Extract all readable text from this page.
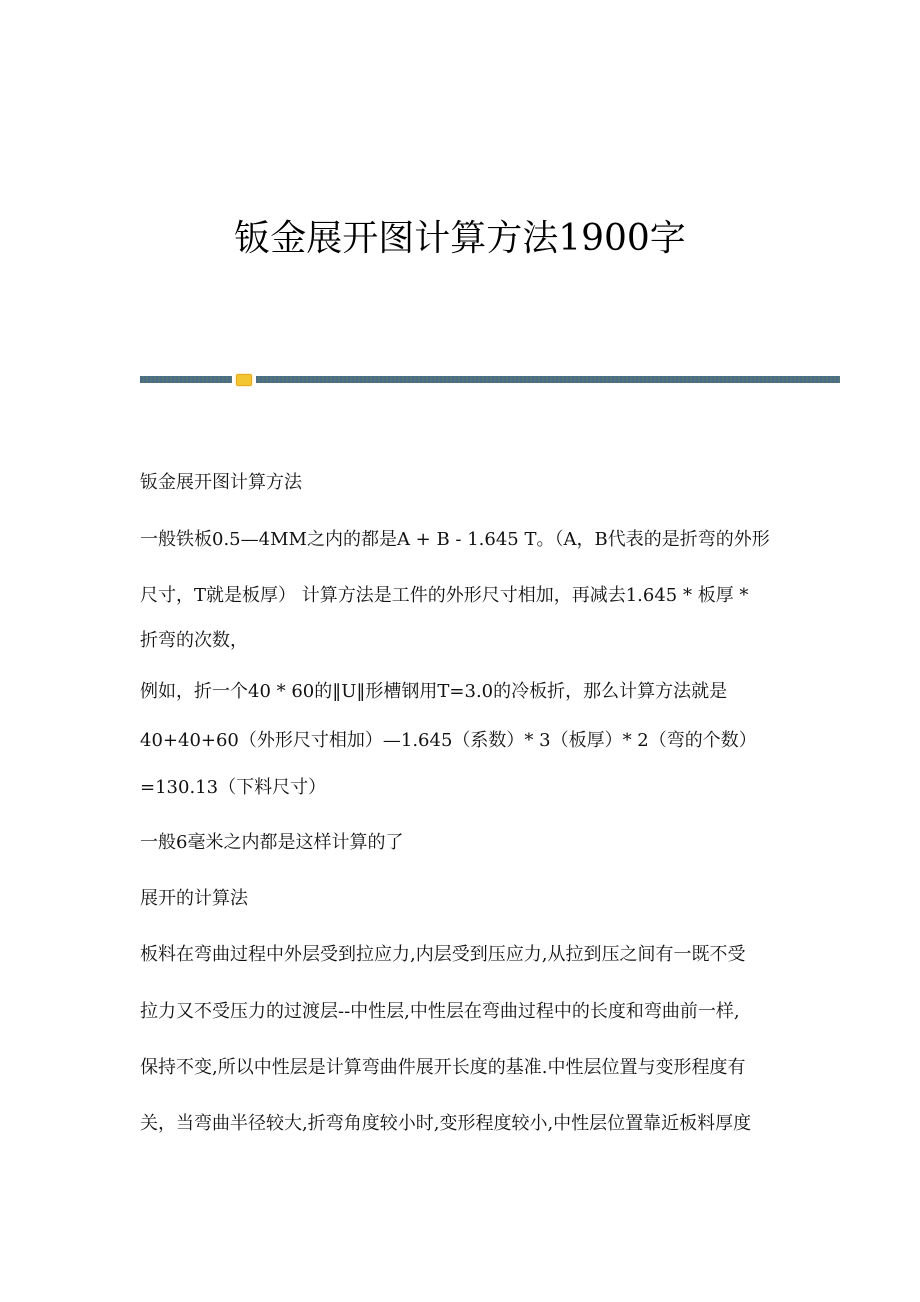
钣金展开图计算方法1900字
钣金展开图计算方法
一般铁板0.5—4MM之内的都是A + B - 1.645 T。（A，B代表的是折弯的外形
尺寸，T就是板厚） 计算方法是工件的外形尺寸相加，再减去1.645 * 板厚 *
折弯的次数，
例如，折一个40 * 60的‖U‖形槽钢用T=3.0的冷板折，那么计算方法就是
40+40+60（外形尺寸相加）—1.645（系数）* 3（板厚）* 2（弯的个数）
=130.13（下料尺寸）
一般6毫米之内都是这样计算的了
展开的计算法
板料在弯曲过程中外层受到拉应力,内层受到压应力,从拉到压之间有一既不受
拉力又不受压力的过渡层--中性层,中性层在弯曲过程中的长度和弯曲前一样,
保持不变,所以中性层是计算弯曲件展开长度的基准.中性层位置与变形程度有
关，当弯曲半径较大,折弯角度较小时,变形程度较小,中性层位置靠近板料厚度
